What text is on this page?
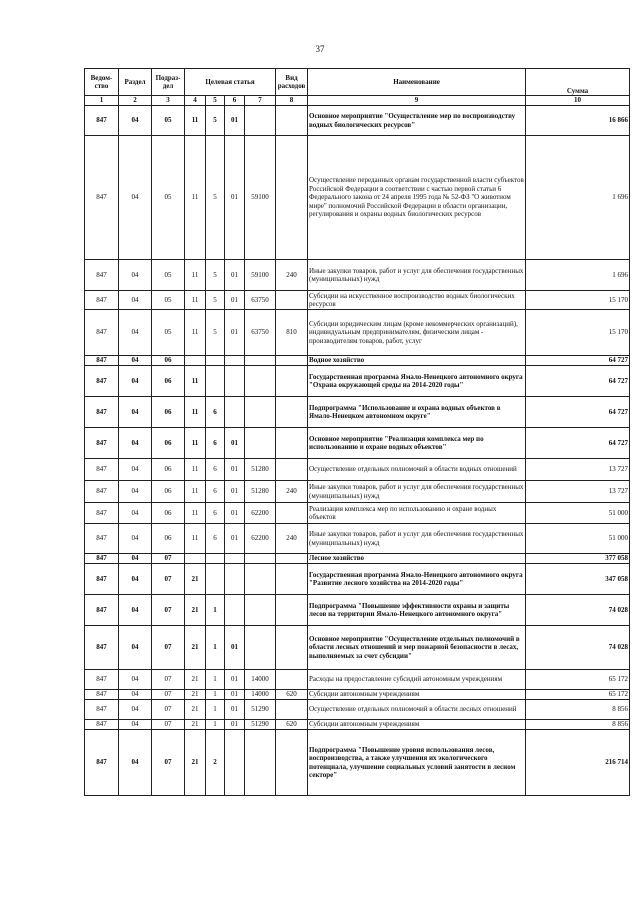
37
Ведом-ство	Раздел	Подраз-дел	Целевая статья				Вид расходов	Наименование	Сумма

1	2	3	4	5	6	7	8	9	10
847	04	05	11	5	01			Основное мероприятие "Осуществление мер по воспроизводству водных биологических ресурсов"	16 866
847	04	05	11	5	01	59100		Осуществление переданных органам государственной власти субъектов Российской Федерации в соответствии с частью первой статьи 6 Федерального закона от 24 апреля 1995 года № 52-ФЗ "О животном мире" полномочий Российской Федерации в области организации, регулирования и охраны водных биологических ресурсов	1 696
847	04	05	11	5	01	59100	240	Иные закупки товаров, работ и услуг для обеспечения государственных (муниципальных) нужд	1 696
847	04	05	11	5	01	63750		Субсидии на искусственное воспроизводство водных биологических ресурсов	15 170
847	04	05	11	5	01	63750	810	Субсидии юридическим лицам (кроме некоммерческих организаций), индивидуальным предпринимателям, физическим лицам - производителям товаров, работ, услуг	15 170
847	04	06						Водное хозяйство	64 727
847	04	06	11					Государственная программа Ямало-Ненецкого автономного округа "Охрана окружающей среды на 2014-2020 годы"	64 727
847	04	06	11	6				Подпрограмма "Использование и охрана водных объектов в Ямало-Ненецком автономном округе"	64 727
847	04	06	11	6	01			Основное мероприятие "Реализация комплекса мер по использованию и охране водных объектов"	64 727
847	04	06	11	6	01	51280		Осуществление отдельных полномочий в области водных отношений	13 727
847	04	06	11	6	01	51280	240	Иные закупки товаров, работ и услуг для обеспечения государственных (муниципальных) нужд	13 727
847	04	06	11	6	01	62200		Реализация комплекса мер по использованию и охране водных объектов	51 000
847	04	06	11	6	01	62200	240	Иные закупки товаров, работ и услуг для обеспечения государственных (муниципальных) нужд	51 000
847	04	07						Лесное хозяйство	377 058
847	04	07	21					Государственная программа Ямало-Ненецкого автономного округа "Развитие лесного хозяйства на 2014-2020 годы"	347 058
847	04	07	21	1				Подпрограмма "Повышение эффективности охраны и защиты лесов на территории Ямало-Ненецкого автономного округа"	74 028
847	04	07	21	1	01			Основное мероприятие "Осуществление отдельных полномочий в области лесных отношений и мер пожарной безопасности в лесах, выполняемых за счет субсидии"	74 028
847	04	07	21	1	01	14000		Расходы на предоставление субсидий автономным учреждениям	65 172
847	04	07	21	1	01	14000	620	Субсидии автономным учреждениям	65 172
847	04	07	21	1	01	51290		Осуществление отдельных полномочий в области лесных отношений	8 856
847	04	07	21	1	01	51290	620	Субсидии автономным учреждениям	8 856
847	04	07	21	2				Подпрограмма "Повышение уровня использования лесов, воспроизводства, а также улучшения их экологического потенциала, улучшение социальных условий занятости в лесном секторе"	216 714
